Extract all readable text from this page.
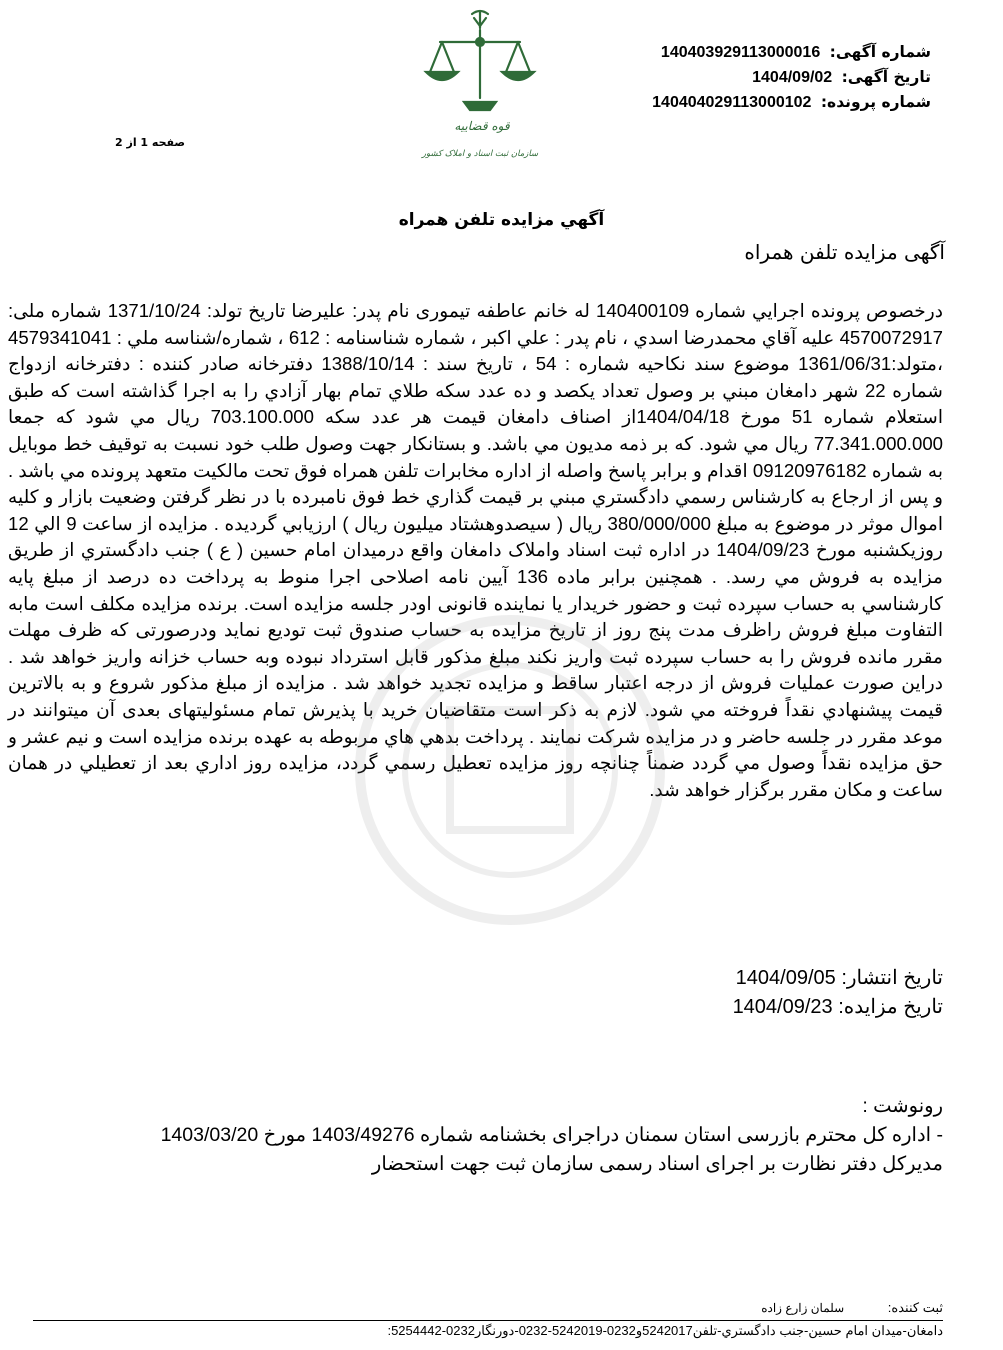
شماره آگهی: 140403929113000016
تاریخ آگهی: 1404/09/02
شماره پرونده: 140404029113000102
قوه قضاییه
سازمان ثبت اسناد و املاک کشور
صفحه 1 از 2
آگهي مزايده تلفن همراه
آگهی مزایده تلفن همراه
درخصوص پرونده اجرايي شماره 140400109 له خانم عاطفه تیموری نام پدر: علیرضا تاریخ تولد: 1371/10/24 شماره ملی: 4570072917 علیه آقاي محمدرضا اسدي ، نام پدر : علي اکبر ، شماره شناسنامه : 612 ، شماره/شناسه ملي : 4579341041 ،متولد:1361/06/31 موضوع سند نکاحیه شماره : 54 ، تاريخ سند : 1388/10/14 دفترخانه صادر کننده : دفترخانه ازدواج شماره 22 شهر دامغان مبني بر وصول تعداد يکصد و ده عدد سکه طلاي تمام بهار آزادي را به اجرا گذاشته است که طبق استعلام شماره 51 مورخ 1404/04/18از اصناف دامغان قیمت هر عدد سکه 703.100.000 ريال مي شود که جمعا 77.341.000.000 ريال مي شود. که بر ذمه مديون مي باشد. و بستانکار جهت وصول طلب خود نسبت به توقيف خط موبايل به شماره 09120976182 اقدام و برابر پاسخ واصله از اداره مخابرات تلفن همراه فوق تحت مالکيت متعهد پرونده مي باشد . و پس از ارجاع به کارشناس رسمي دادگستري مبني بر قيمت گذاري خط فوق نامبرده با در نظر گرفتن وضعيت بازار و کليه اموال موثر در موضوع به مبلغ 380/000/000 ريال ( سیصدوهشتاد میلیون ريال ) ارزيابي گرديده . مزايده از ساعت 9 الي 12 روزیکشنبه مورخ 1404/09/23 در اداره ثبت اسناد واملاک دامغان واقع درميدان امام حسين ( ع ) جنب دادگستري از طريق مزايده به فروش مي رسد. . همچنین برابر ماده 136 آيين نامه اصلاحی اجرا منوط به پرداخت ده درصد از مبلغ پايه کارشناسي به حساب سپرده ثبت و حضور خريدار يا نماينده قانونی اودر جلسه مزايده است. برنده مزايده مکلف است مابه التفاوت مبلغ فروش راظرف مدت پنج روز از تاريخ مزايده به حساب صندوق ثبت توديع نمايد ودرصورتی که ظرف مهلت مقرر مانده فروش را به حساب سپرده ثبت واريز نکند مبلغ مذکور قابل استرداد نبوده وبه حساب خزانه واريز خواهد شد . دراین صورت عملیات فروش از درجه اعتبار ساقط و مزايده تجديد خواهد شد . مزايده از مبلغ مذکور شروع و به بالاترين قيمت پيشنهادي نقداً فروخته مي شود. لازم به ذکر است متقاضيان خريد با پذيرش تمام مسئوليتهای بعدی آن ميتوانند در موعد مقرر در جلسه حاضر و در مزايده شرکت نمايند . پرداخت بدهي هاي مربوطه به عهده برنده مزايده است و نيم عشر و حق مزايده نقداً وصول مي گردد ضمناً چنانچه روز مزايده تعطيل رسمي گردد، مزايده روز اداري بعد از تعطيلي در همان ساعت و مکان مقرر برگزار خواهد شد.
تاریخ انتشار: 1404/09/05
تاریخ مزایده: 1404/09/23
رونوشت :
- اداره کل محترم بازرسی استان سمنان دراجرای بخشنامه شماره 1403/49276 مورخ 1403/03/20
مدیرکل دفتر نظارت بر اجرای اسناد رسمی سازمان ثبت جهت استحضار
ثبت کننده: سلمان زارع زاده
دامغان-میدان امام حسین-جنب دادگستري-تلفن5242017و0232-5242019-0232-دورنگار0232-5254442:
